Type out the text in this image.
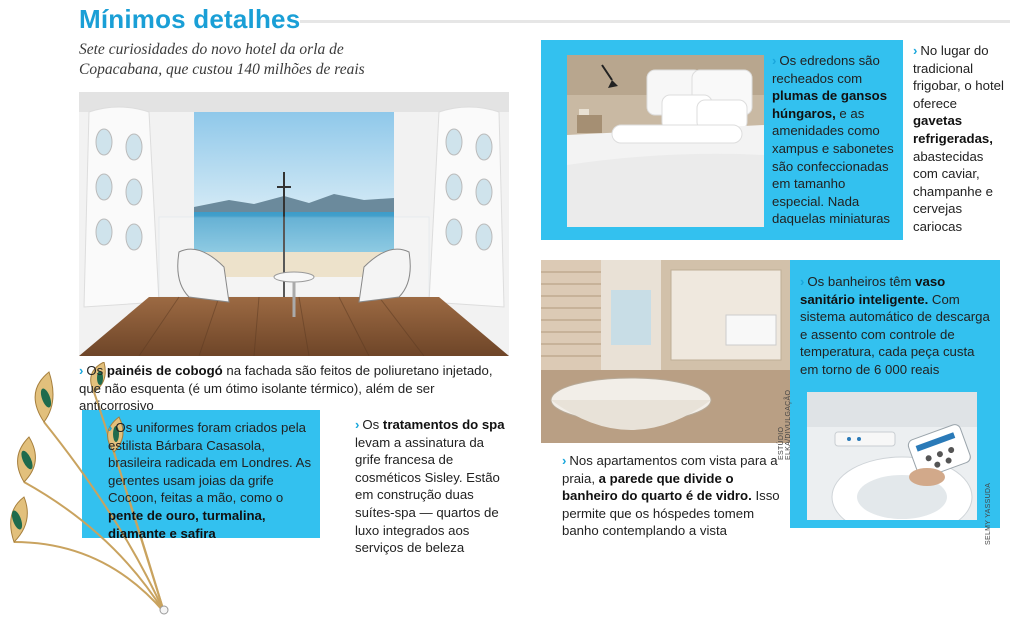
Mínimos detalhes
Sete curiosidades do novo hotel da orla de Copacabana, que custou 140 milhões de reais
› Os painéis de cobogó na fachada são feitos de poliuretano injetado, que não esquenta (é um ótimo isolante térmico), além de ser anticorrosivo
› Os uniformes foram criados pela estilista Bárbara Casasola, brasileira radicada em Londres. As gerentes usam joias da grife Cocoon, feitas a mão, como o pente de ouro, turmalina, diamante e safira
› Os tratamentos do spa levam a assinatura da grife francesa de cosméticos Sisley. Estão em construção duas suítes-spa — quartos de luxo integrados aos serviços de beleza
› Os edredons são recheados com plumas de gansos húngaros, e as amenidades como xampus e sabonetes são confeccionadas em tamanho especial. Nada daquelas miniaturas
› No lugar do tradicional frigobar, o hotel oferece gavetas refrigeradas, abastecidas com caviar, champanhe e cervejas cariocas
› Os banheiros têm vaso sanitário inteligente. Com sistema automático de descarga e assento com controle de temperatura, cada peça custa em torno de 6 000 reais
› Nos apartamentos com vista para a praia, a parede que divide o banheiro do quarto é de vidro. Isso permite que os hóspedes tomem banho contemplando a vista
ESTÚDIO ELKA/DIVULGAÇÃO
SELMY YASSUDA
